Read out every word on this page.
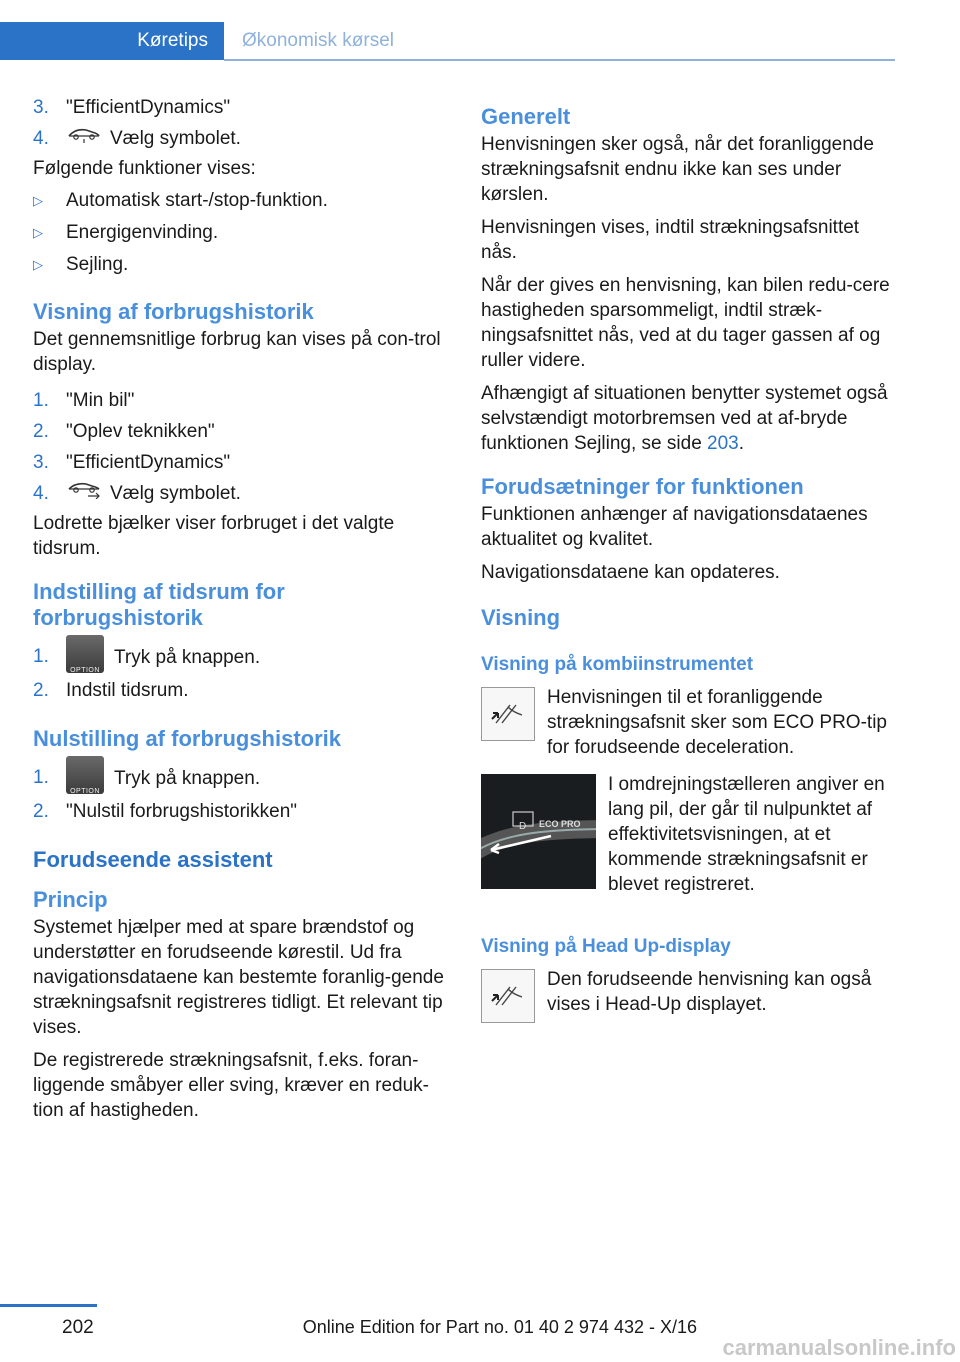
Køretips	Økonomisk kørsel
3. "EfficientDynamics"
4.	Vælg symbolet.

Følgende funktioner vises:

▷ Automatisk start-/stop-funktion.
▷ Energigenvinding.
▷ Sejling.
Visning af forbrugshistorik

Det gennemsnitlige forbrug kan vises på con-trol display.

1. "Min bil"
2. "Oplev teknikken"
3. "EfficientDynamics"
4.	Vælg symbolet.

Lodrette bjælker viser forbruget i det valgte tidsrum.

Indstilling af tidsrum for forbrugshistorik
1.
OPTION
Tryk på knappen.
2. Indstil tidsrum.
Nulstilling af forbrugshistorik
1.
OPTION
Tryk på knappen.
2. "Nulstil forbrugshistorikken"
Forudseende assistent
Princip

Systemet hjælper med at spare brændstof og understøtter en forudseende kørestil. Ud fra navigationsdataene kan bestemte foranlig-gende strækningsafsnit registreres tidligt. Et relevant tip vises.

De registrerede strækningsafsnit, f.eks. foran-liggende småbyer eller sving, kræver en reduk-tion af hastigheden.

Generelt

Henvisningen sker også, når det foranliggende strækningsafsnit endnu ikke kan ses under kørslen.

Henvisningen vises, indtil strækningsafsnittet nås.

Når der gives en henvisning, kan bilen redu-cere hastigheden sparsommeligt, indtil stræk-ningsafsnittet nås, ved at du tager gassen af og ruller videre.

Afhængigt af situationen benytter systemet også selvstændigt motorbremsen ved at af-bryde funktionen Sejling, se side 203.

Forudsætninger for funktionen

Funktionen anhænger af navigationsdataenes aktualitet og kvalitet.

Navigationsdataene kan opdateres.

Visning
Visning på kombiinstrumentet

Henvisningen til et foranliggende strækningsafsnit sker som ECO PRO-tip for forudseende deceleration.

D ECO PRO

I omdrejningstælleren angiver en lang pil, der går til nulpunktet af effektivitetsvisningen, at et kommende strækningsafsnit er blevet registreret.

Visning på Head Up-display

Den forudseende henvisning kan også vises i Head-Up displayet.

202	Online Edition for Part no. 01 40 2 974 432 - X/16
carmanualsonline.info
